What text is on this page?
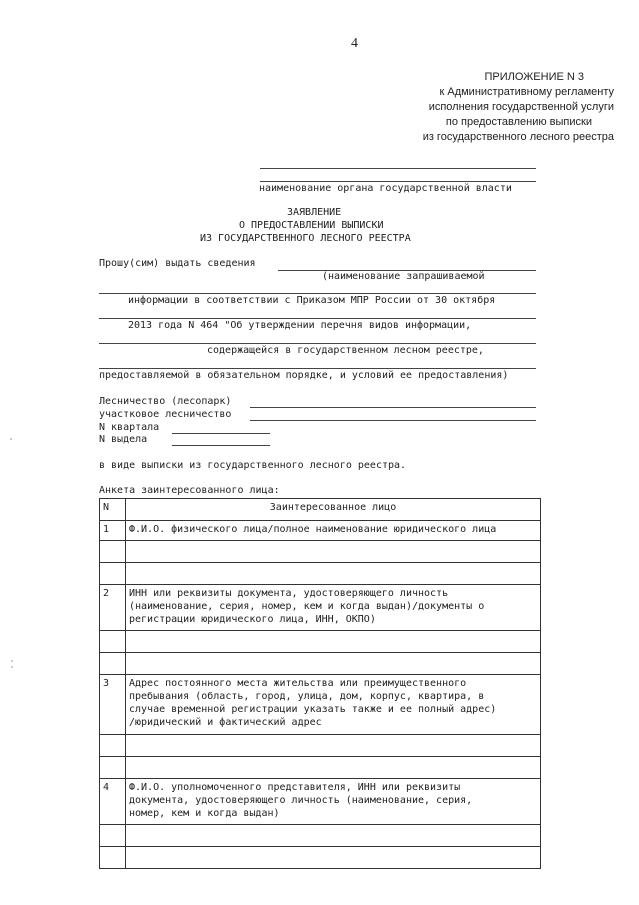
4
ПРИЛОЖЕНИЕ N 3
к Административному регламенту
исполнения государственной услуги
по предоставлению выписки
из государственного лесного реестра
наименование органа государственной власти
ЗАЯВЛЕНИЕ
О ПРЕДОСТАВЛЕНИИ ВЫПИСКИ
ИЗ ГОСУДАРСТВЕННОГО ЛЕСНОГО РЕЕСТРА
Прошу(сим) выдать сведения
(наименование запрашиваемой
информации в соответствии с Приказом МПР России от 30 октября
2013 года N 464 "Об утверждении перечня видов информации,
содержащейся в государственном лесном реестре,
предоставляемой в обязательном порядке, и условий ее предоставления)
Лесничество (лесопарк)
участковое лесничество
N квартала
N выдела
в виде выписки из государственного лесного реестра.
Анкета заинтересованного лица:
N	Заинтересованное лицо
1	Ф.И.О. физического лица/полное наименование юридического лица

2	ИНН или реквизиты документа, удостоверяющего личность
(наименование, серия, номер, кем и когда выдан)/документы о
регистрации юридического лица, ИНН, ОКПО)

3	Адрес постоянного места жительства или преимущественного
пребывания (область, город, улица, дом, корпус, квартира, в
случае временной регистрации указать также и ее полный адрес)
/юридический и фактический адрес

4	Ф.И.О. уполномоченного представителя, ИНН или реквизиты
документа, удостоверяющего личность (наименование, серия,
номер, кем и когда выдан)
